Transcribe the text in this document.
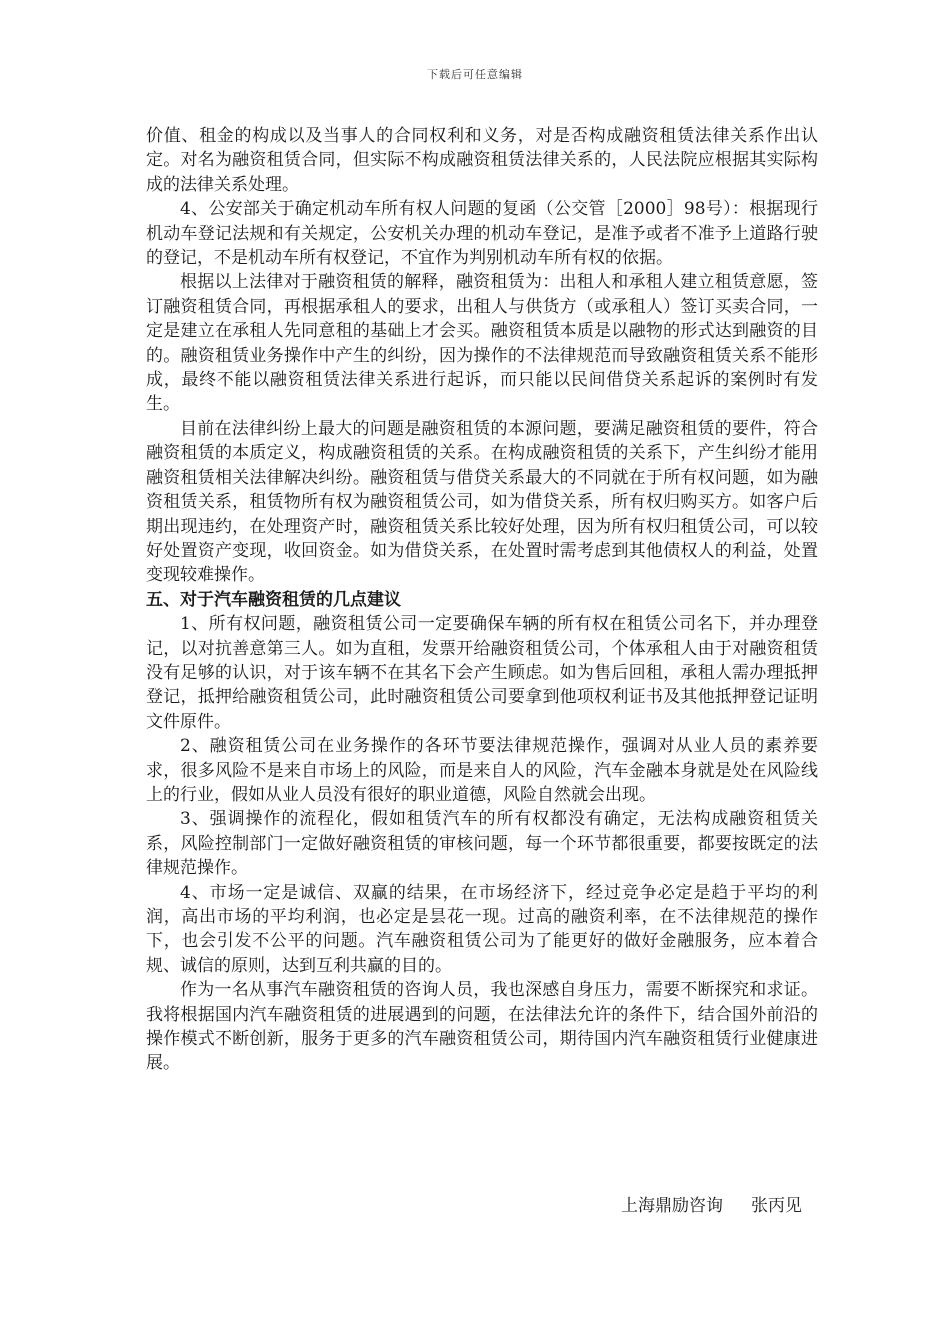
下载后可任意编辑

价值、租金的构成以及当事人的合同权利和义务，对是否构成融资租赁法律关系作出认定。对名为融资租赁合同，但实际不构成融资租赁法律关系的，人民法院应根据其实际构成的法律关系处理。

4、公安部关于确定机动车所有权人问题的复函（公交管［2000］98号）：根据现行机动车登记法规和有关规定，公安机关办理的机动车登记，是准予或者不准予上道路行驶的登记，不是机动车所有权登记，不宜作为判别机动车所有权的依据。

根据以上法律对于融资租赁的解释，融资租赁为：出租人和承租人建立租赁意愿，签订融资租赁合同，再根据承租人的要求，出租人与供货方（或承租人）签订买卖合同，一定是建立在承租人先同意租的基础上才会买。融资租赁本质是以融物的形式达到融资的目的。融资租赁业务操作中产生的纠纷，因为操作的不法律规范而导致融资租赁关系不能形成，最终不能以融资租赁法律关系进行起诉，而只能以民间借贷关系起诉的案例时有发生。

目前在法律纠纷上最大的问题是融资租赁的本源问题，要满足融资租赁的要件，符合融资租赁的本质定义，构成融资租赁的关系。在构成融资租赁的关系下，产生纠纷才能用融资租赁相关法律解决纠纷。融资租赁与借贷关系最大的不同就在于所有权问题，如为融资租赁关系，租赁物所有权为融资租赁公司，如为借贷关系，所有权归购买方。如客户后期出现违约，在处理资产时，融资租赁关系比较好处理，因为所有权归租赁公司，可以较好处置资产变现，收回资金。如为借贷关系，在处置时需考虑到其他债权人的利益，处置变现较难操作。

五、对于汽车融资租赁的几点建议

1、所有权问题，融资租赁公司一定要确保车辆的所有权在租赁公司名下，并办理登记，以对抗善意第三人。如为直租，发票开给融资租赁公司，个体承租人由于对融资租赁没有足够的认识，对于该车辆不在其名下会产生顾虑。如为售后回租，承租人需办理抵押登记，抵押给融资租赁公司，此时融资租赁公司要拿到他项权利证书及其他抵押登记证明文件原件。

2、融资租赁公司在业务操作的各环节要法律规范操作，强调对从业人员的素养要求，很多风险不是来自市场上的风险，而是来自人的风险，汽车金融本身就是处在风险线上的行业，假如从业人员没有很好的职业道德，风险自然就会出现。

3、强调操作的流程化，假如租赁汽车的所有权都没有确定，无法构成融资租赁关系，风险控制部门一定做好融资租赁的审核问题，每一个环节都很重要，都要按既定的法律规范操作。

4、市场一定是诚信、双赢的结果，在市场经济下，经过竞争必定是趋于平均的利润，高出市场的平均利润，也必定是昙花一现。过高的融资利率，在不法律规范的操作下，也会引发不公平的问题。汽车融资租赁公司为了能更好的做好金融服务，应本着合规、诚信的原则，达到互利共赢的目的。

作为一名从事汽车融资租赁的咨询人员，我也深感自身压力，需要不断探究和求证。我将根据国内汽车融资租赁的进展遇到的问题，在法律法允许的条件下，结合国外前沿的操作模式不断创新，服务于更多的汽车融资租赁公司，期待国内汽车融资租赁行业健康进展。

上海鼎励咨询 张丙见
